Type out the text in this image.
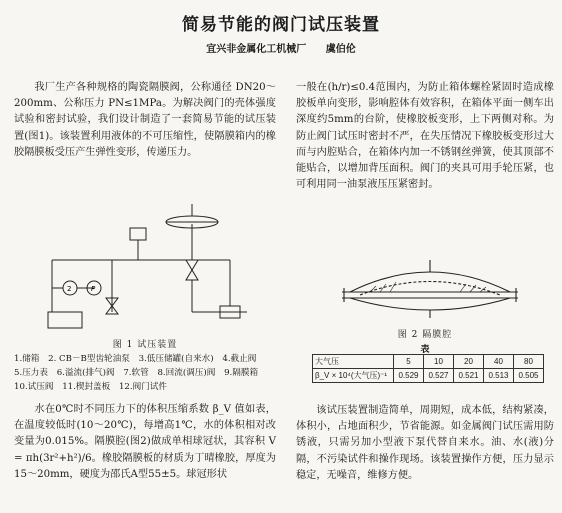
简易节能的阀门试压装置
宜兴非金属化工机械厂 虞伯伦

我厂生产各种规格的陶瓷隔膜阀，公称通径 DN20～200mm、公称压力 PN≤1MPa。为解决阀门的壳体强度试验和密封试验，我们设计制造了一套简易节能的试压装置(图1)。该装置利用液体的不可压缩性，使隔膜箱内的橡胶隔膜板受压产生弹性变形，传递压力。

2	P
图 1 试压装置
1.储箱 2. CB－B型齿轮油泵 3.低压储罐(自来水) 4.截止阀 5.压力表 6.溢流(排气)阀 7.软管 8.回流(调压)阀 9.隔膜箱 10.试压阀 11.楔封盖板 12.阀门试件

水在0℃时不同压力下的体积压缩系数 β_V 值如表，在温度较低时(10～20℃)，每增高1℃，水的体积相对改变量为0.015%。隔膜腔(图2)做成单相球冠状，其容积 V = πh(3r²+h²)/6。橡胶隔膜板的材质为丁晴橡胶，厚度为15～20mm，硬度为邵氏A型55±5。球冠形状

一般在(h/r)≤0.4范围内，为防止箱体螺栓紧固时造成橡胶板单向变形，影响腔体有效容积，在箱体平面一侧车出深度约5mm的台阶，使橡胶板变形，上下两侧对称。为防止阀门试压时密封不严，在失压情况下橡胶板变形过大而与内腔贴合，在箱体内加一不锈钢丝弹簧，使其顶部不能贴合，以增加背压面积。阀门的夹具可用手轮压紧，也可利用同一油泵液压压紧密封。

图 2 隔膜腔
表
大气压	5	10	20	40	80
β_V × 10⁴(大气压)⁻¹	0.529	0.527	0.521	0.513	0.505

该试压装置制造简单，周期短，成本低，结构紧凑，体积小，占地面积少，节省能源。如金属阀门试压需用防锈液，只需另加小型液下泵代替自来水。油、水(液)分隔，不污染试件和操作现场。该装置操作方便，压力显示稳定，无噪音，维修方便。
